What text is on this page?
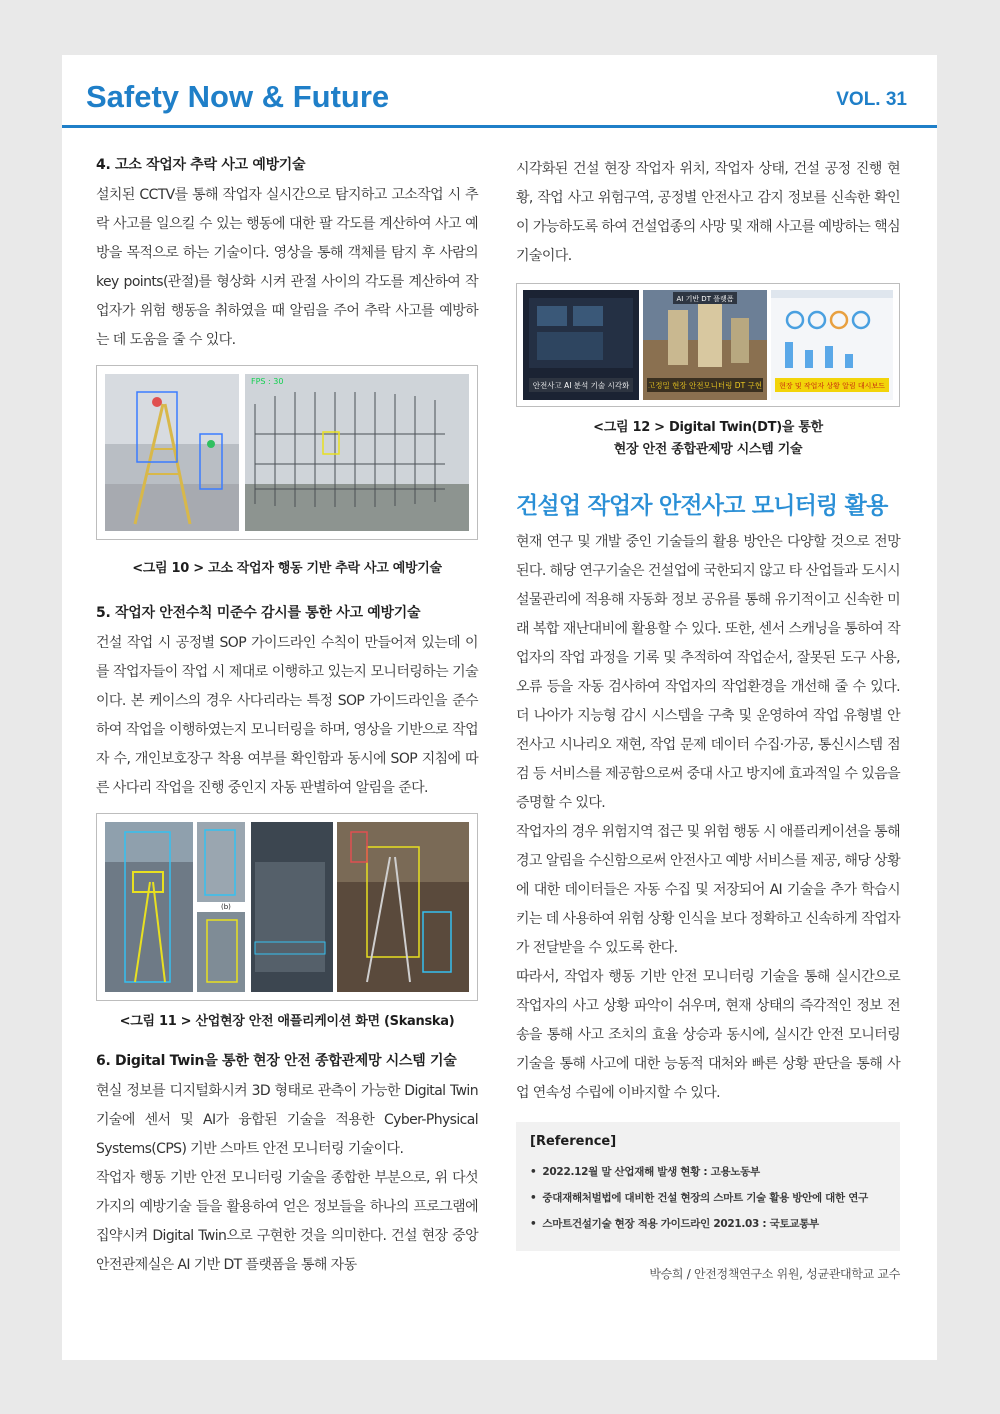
Safety Now & Future	VOL. 31
4. 고소 작업자 추락 사고 예방기술

설치된 CCTV를 통해 작업자 실시간으로 탐지하고 고소작업 시 추락 사고를 일으킬 수 있는 행동에 대한 팔 각도를 계산하여 사고 예방을 목적으로 하는 기술이다. 영상을 통해 객체를 탐지 후 사람의 key points(관절)를 형상화 시켜 관절 사이의 각도를 계산하여 작업자가 위험 행동을 취하였을 때 알림을 주어 추락 사고를 예방하는 데 도움을 줄 수 있다.

FPS : 30
<그림 10 > 고소 작업자 행동 기반 추락 사고 예방기술
5. 작업자 안전수칙 미준수 감시를 통한 사고 예방기술

건설 작업 시 공정별 SOP 가이드라인 수칙이 만들어져 있는데 이를 작업자들이 작업 시 제대로 이행하고 있는지 모니터링하는 기술이다. 본 케이스의 경우 사다리라는 특정 SOP 가이드라인을 준수하여 작업을 이행하였는지 모니터링을 하며, 영상을 기반으로 작업자 수, 개인보호장구 착용 여부를 확인함과 동시에 SOP 지침에 따른 사다리 작업을 진행 중인지 자동 판별하여 알림을 준다.

(b)
<그림 11 > 산업현장 안전 애플리케이션 화면 (Skanska)
6. Digital Twin을 통한 현장 안전 종합관제망 시스템 기술

현실 정보를 디지털화시켜 3D 형태로 관측이 가능한 Digital Twin 기술에 센서 및 AI가 융합된 기술을 적용한 Cyber-Physical Systems(CPS) 기반 스마트 안전 모니터링 기술이다.

작업자 행동 기반 안전 모니터링 기술을 종합한 부분으로, 위 다섯 가지의 예방기술 들을 활용하여 얻은 정보들을 하나의 프로그램에 집약시켜 Digital Twin으로 구현한 것을 의미한다. 건설 현장 중앙 안전관제실은 AI 기반 DT 플랫폼을 통해 자동

시각화된 건설 현장 작업자 위치, 작업자 상태, 건설 공정 진행 현황, 작업 사고 위험구역, 공정별 안전사고 감지 정보를 신속한 확인이 가능하도록 하여 건설업종의 사망 및 재해 사고를 예방하는 핵심 기술이다.

안전사고 AI 분석 기술 시각화
AI 기반 DT 플랫폼
고정밀 현장 안전모니터링 DT 구현 현장 및 작업자 상황 알림 대시보드
<그림 12 > Digital Twin(DT)을 통한
현장 안전 종합관제망 시스템 기술
건설업 작업자 안전사고 모니터링 활용

현재 연구 및 개발 중인 기술들의 활용 방안은 다양할 것으로 전망된다. 해당 연구기술은 건설업에 국한되지 않고 타 산업들과 도시시설물관리에 적용해 자동화 정보 공유를 통해 유기적이고 신속한 미래 복합 재난대비에 활용할 수 있다. 또한, 센서 스캐닝을 통하여 작업자의 작업 과정을 기록 및 추적하여 작업순서, 잘못된 도구 사용, 오류 등을 자동 검사하여 작업자의 작업환경을 개선해 줄 수 있다. 더 나아가 지능형 감시 시스템을 구축 및 운영하여 작업 유형별 안전사고 시나리오 재현, 작업 문제 데이터 수집·가공, 통신시스템 점검 등 서비스를 제공함으로써 중대 사고 방지에 효과적일 수 있음을 증명할 수 있다.

작업자의 경우 위험지역 접근 및 위험 행동 시 애플리케이션을 통해 경고 알림을 수신함으로써 안전사고 예방 서비스를 제공, 해당 상황에 대한 데이터들은 자동 수집 및 저장되어 AI 기술을 추가 학습시키는 데 사용하여 위험 상황 인식을 보다 정확하고 신속하게 작업자가 전달받을 수 있도록 한다.

따라서, 작업자 행동 기반 안전 모니터링 기술을 통해 실시간으로 작업자의 사고 상황 파악이 쉬우며, 현재 상태의 즉각적인 정보 전송을 통해 사고 조치의 효율 상승과 동시에, 실시간 안전 모니터링 기술을 통해 사고에 대한 능동적 대처와 빠른 상황 판단을 통해 사업 연속성 수립에 이바지할 수 있다.

[Reference]
• 2022.12월 말 산업재해 발생 현황 : 고용노동부
• 중대재해처벌법에 대비한 건설 현장의 스마트 기술 활용 방안에 대한 연구
• 스마트건설기술 현장 적용 가이드라인 2021.03 : 국토교통부
박승희 / 안전정책연구소 위원, 성균관대학교 교수
